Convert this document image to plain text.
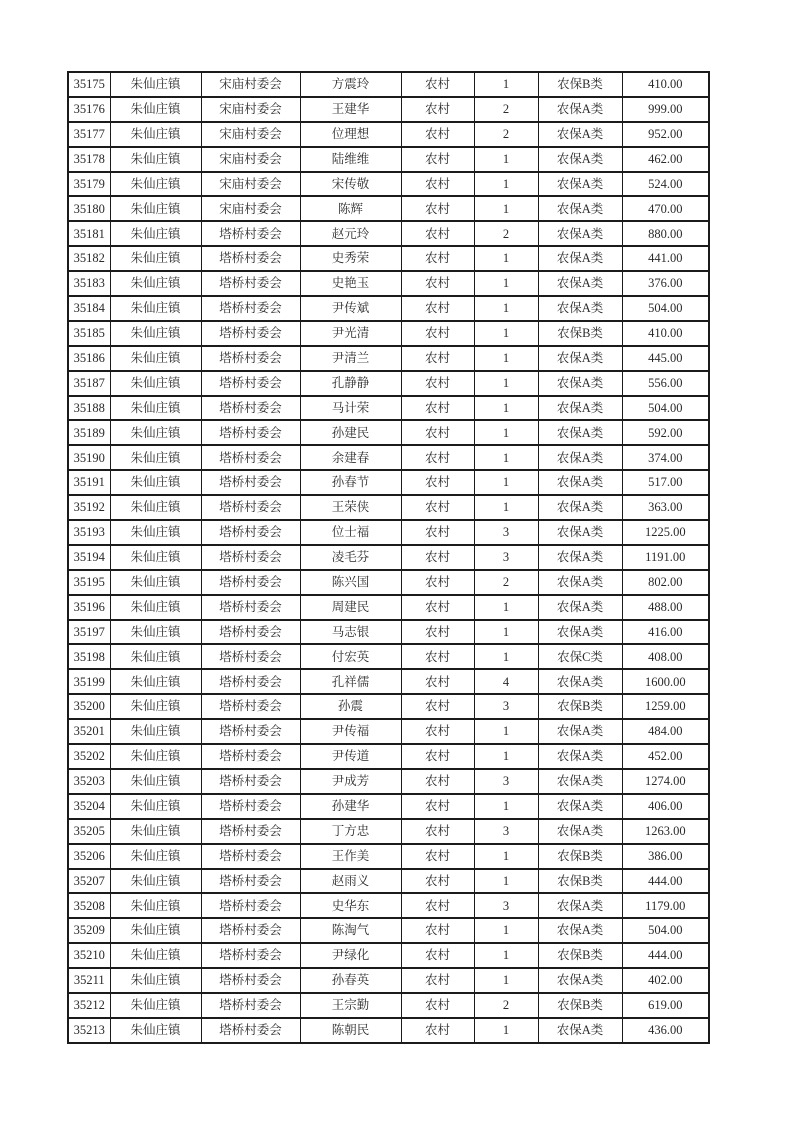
35175	朱仙庄镇	宋庙村委会	方震玲	农村	1	农保B类	410.00
35176	朱仙庄镇	宋庙村委会	王建华	农村	2	农保A类	999.00
35177	朱仙庄镇	宋庙村委会	位理想	农村	2	农保A类	952.00
35178	朱仙庄镇	宋庙村委会	陆维维	农村	1	农保A类	462.00
35179	朱仙庄镇	宋庙村委会	宋传敬	农村	1	农保A类	524.00
35180	朱仙庄镇	宋庙村委会	陈辉	农村	1	农保A类	470.00
35181	朱仙庄镇	塔桥村委会	赵元玲	农村	2	农保A类	880.00
35182	朱仙庄镇	塔桥村委会	史秀荣	农村	1	农保A类	441.00
35183	朱仙庄镇	塔桥村委会	史艳玉	农村	1	农保A类	376.00
35184	朱仙庄镇	塔桥村委会	尹传斌	农村	1	农保A类	504.00
35185	朱仙庄镇	塔桥村委会	尹光清	农村	1	农保B类	410.00
35186	朱仙庄镇	塔桥村委会	尹清兰	农村	1	农保A类	445.00
35187	朱仙庄镇	塔桥村委会	孔静静	农村	1	农保A类	556.00
35188	朱仙庄镇	塔桥村委会	马计荣	农村	1	农保A类	504.00
35189	朱仙庄镇	塔桥村委会	孙建民	农村	1	农保A类	592.00
35190	朱仙庄镇	塔桥村委会	余建春	农村	1	农保A类	374.00
35191	朱仙庄镇	塔桥村委会	孙春节	农村	1	农保A类	517.00
35192	朱仙庄镇	塔桥村委会	王荣侠	农村	1	农保A类	363.00
35193	朱仙庄镇	塔桥村委会	位士福	农村	3	农保A类	1225.00
35194	朱仙庄镇	塔桥村委会	凌毛芬	农村	3	农保A类	1191.00
35195	朱仙庄镇	塔桥村委会	陈兴国	农村	2	农保A类	802.00
35196	朱仙庄镇	塔桥村委会	周建民	农村	1	农保A类	488.00
35197	朱仙庄镇	塔桥村委会	马志银	农村	1	农保A类	416.00
35198	朱仙庄镇	塔桥村委会	付宏英	农村	1	农保C类	408.00
35199	朱仙庄镇	塔桥村委会	孔祥儒	农村	4	农保A类	1600.00
35200	朱仙庄镇	塔桥村委会	孙震	农村	3	农保B类	1259.00
35201	朱仙庄镇	塔桥村委会	尹传福	农村	1	农保A类	484.00
35202	朱仙庄镇	塔桥村委会	尹传道	农村	1	农保A类	452.00
35203	朱仙庄镇	塔桥村委会	尹成芳	农村	3	农保A类	1274.00
35204	朱仙庄镇	塔桥村委会	孙建华	农村	1	农保A类	406.00
35205	朱仙庄镇	塔桥村委会	丁方忠	农村	3	农保A类	1263.00
35206	朱仙庄镇	塔桥村委会	王作美	农村	1	农保B类	386.00
35207	朱仙庄镇	塔桥村委会	赵雨义	农村	1	农保B类	444.00
35208	朱仙庄镇	塔桥村委会	史华东	农村	3	农保A类	1179.00
35209	朱仙庄镇	塔桥村委会	陈淘气	农村	1	农保A类	504.00
35210	朱仙庄镇	塔桥村委会	尹绿化	农村	1	农保B类	444.00
35211	朱仙庄镇	塔桥村委会	孙春英	农村	1	农保A类	402.00
35212	朱仙庄镇	塔桥村委会	王宗勤	农村	2	农保B类	619.00
35213	朱仙庄镇	塔桥村委会	陈朝民	农村	1	农保A类	436.00
